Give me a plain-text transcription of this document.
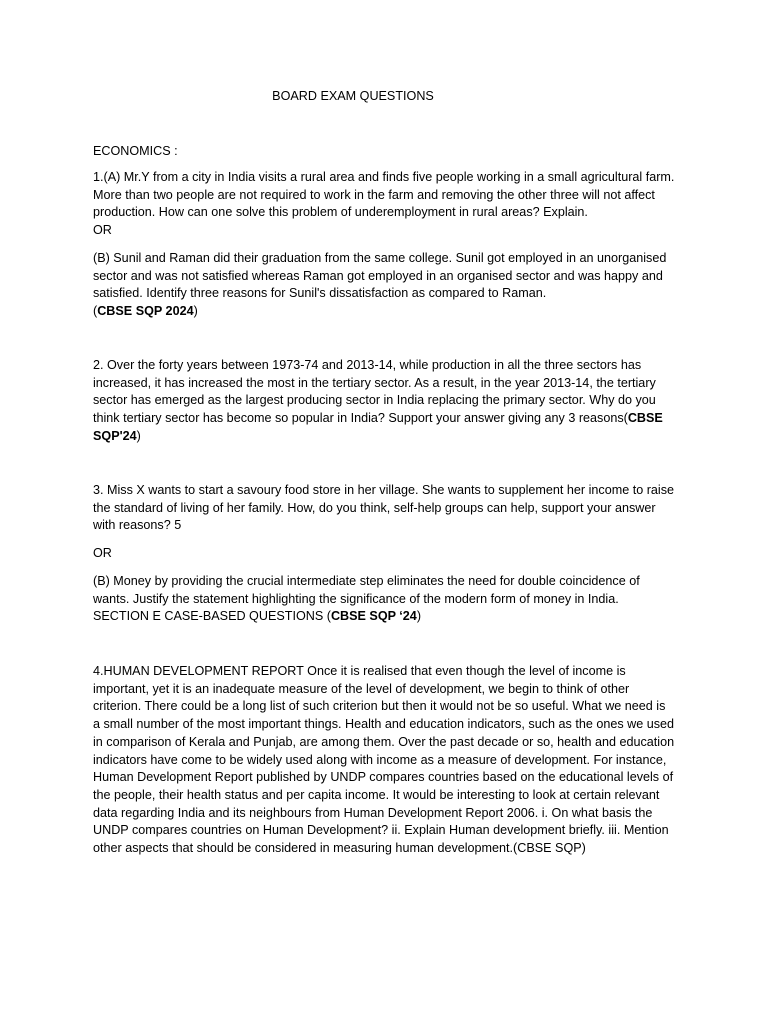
BOARD EXAM QUESTIONS

ECONOMICS :

1.(A) Mr.Y from a city in India visits a rural area and finds five people working in a small agricultural farm. More than two people are not required to work in the farm and removing the other three will not affect production. How can one solve this problem of underemployment in rural areas? Explain.

OR

(B) Sunil and Raman did their graduation from the same college. Sunil got employed in an unorganised sector and was not satisfied whereas Raman got employed in an organised sector and was happy and satisfied. Identify three reasons for Sunil's dissatisfaction as compared to Raman.
(CBSE SQP 2024)

2. Over the forty years between 1973-74 and 2013-14, while production in all the three sectors has increased, it has increased the most in the tertiary sector. As a result, in the year 2013-14, the tertiary sector has emerged as the largest producing sector in India replacing the primary sector. Why do you think tertiary sector has become so popular in India? Support your answer giving any 3 reasons(CBSE SQP'24)

3. Miss X wants to start a savoury food store in her village. She wants to supplement her income to raise the standard of living of her family. How, do you think, self-help groups can help, support your answer with reasons? 5

OR

(B) Money by providing the crucial intermediate step eliminates the need for double coincidence of wants. Justify the statement highlighting the significance of the modern form of money in India. SECTION E CASE-BASED QUESTIONS (CBSE SQP ‘24)

4.HUMAN DEVELOPMENT REPORT Once it is realised that even though the level of income is important, yet it is an inadequate measure of the level of development, we begin to think of other criterion. There could be a long list of such criterion but then it would not be so useful. What we need is a small number of the most important things. Health and education indicators, such as the ones we used in comparison of Kerala and Punjab, are among them. Over the past decade or so, health and education indicators have come to be widely used along with income as a measure of development. For instance, Human Development Report published by UNDP compares countries based on the educational levels of the people, their health status and per capita income. It would be interesting to look at certain relevant data regarding India and its neighbours from Human Development Report 2006. i. On what basis the UNDP compares countries on Human Development? ii. Explain Human development briefly. iii. Mention other aspects that should be considered in measuring human development.(CBSE SQP)
